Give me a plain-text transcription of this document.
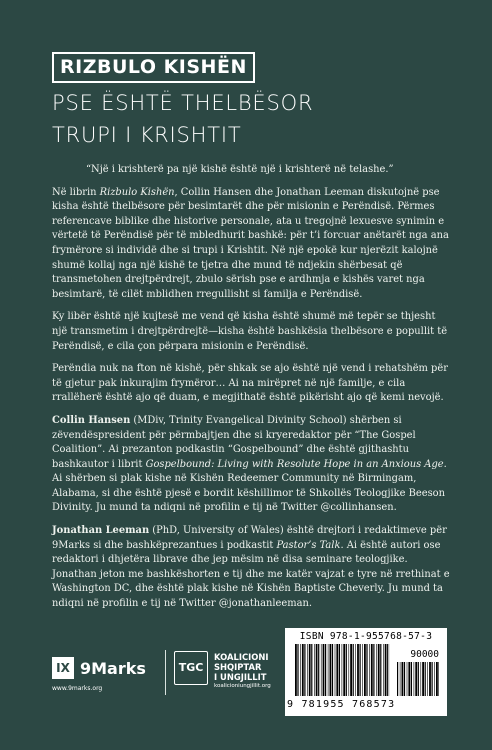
RIZBULO KISHËN
PSE ËSHTË THELBËSOR
TRUPI I KRISHTIT

“Një i krishterë pa një kishë është një i krishterë në telashe.”

Në librin Rizbulo Kishën, Collin Hansen dhe Jonathan Leeman diskutojnë pse kisha është thelbësore për besimtarët dhe për misionin e Perëndisë. Përmes referencave biblike dhe historive personale, ata u tregojnë lexuesve synimin e vërtetë të Perëndisë për të mbledhurit bashkë: për t’i forcuar anëtarët nga ana frymërore si individë dhe si trupi i Krishtit. Në një epokë kur njerëzit kalojnë shumë kollaj nga një kishë te tjetra dhe mund të ndjekin shërbesat që transmetohen drejtpërdrejt, zbulo sërish pse e ardhmja e kishës varet nga besimtarë, të cilët mblidhen rregullisht si familja e Perëndisë.

Ky libër është një kujtesë me vend që kisha është shumë më tepër se thjesht një transmetim i drejtpërdrejtë—kisha është bashkësia thelbësore e popullit të Perëndisë, e cila çon përpara misionin e Perëndisë.

Perëndia nuk na fton në kishë, për shkak se ajo është një vend i rehatshëm për të gjetur pak inkurajim frymëror… Ai na mirëpret në një familje, e cila rrallëherë është ajo që duam, e megjithatë është pikërisht ajo që kemi nevojë.

Collin Hansen (MDiv, Trinity Evangelical Divinity School) shërben si zëvendëspresident për përmbajtjen dhe si kryeredaktor për “The Gospel Coalition”. Ai prezanton podkastin “Gospelbound” dhe është gjithashtu bashkautor i librit Gospelbound: Living with Resolute Hope in an Anxious Age. Ai shërben si plak kishe në Kishën Redeemer Community në Birmingam, Alabama, si dhe është pjesë e bordit këshillimor të Shkollës Teologjike Beeson Divinity. Ju mund ta ndiqni në profilin e tij në Twitter @collinhansen.

Jonathan Leeman (PhD, University of Wales) është drejtori i redaktimeve për 9Marks si dhe bashkëprezantues i podkastit Pastor’s Talk. Ai është autori ose redaktori i dhjetëra librave dhe jep mësim në disa seminare teologjike. Jonathan jeton me bashkëshorten e tij dhe me katër vajzat e tyre në rrethinat e Washington DC, dhe është plak kishe në Kishën Baptiste Cheverly. Ju mund ta ndiqni në profilin e tij në Twitter @jonathanleeman.

IX 9Marks
www.9marks.org
TGC
KOALICIONI
SHQIPTAR
I UNGJILLIT
koalicioniungjillit.org
ISBN 978-1-955768-57-3
90000
9 781955 768573
